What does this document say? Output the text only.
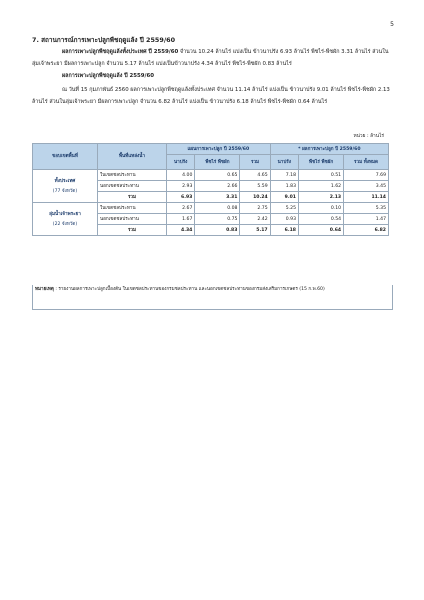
5
7. สถานการณ์การเพาะปลูกพืชฤดูแล้ง ปี 2559/60

ผลการเพาะปลูกพืชฤดูแล้งทั้งประเทศ ปี 2559/60 จำนวน 10.24 ล้านไร่ แบ่งเป็น ข้าวนาปรัง 6.93 ล้านไร่ พืชไร่-พืชผัก 3.31 ล้านไร่ ส่วนในลุ่มเจ้าพระยา มีผลการเพาะปลูก จำนวน 5.17 ล้านไร่ แบ่งเป็นข้าวนาปรัง 4.34 ล้านไร่ พืชไร่-พืชผัก 0.83 ล้านไร่

ผลการเพาะปลูกพืชฤดูแล้ง ปี 2559/60

ณ วันที่ 15 กุมภาพันธ์ 2560 ผลการเพาะปลูกพืชฤดูแล้งทั้งประเทศ จำนวน 11.14 ล้านไร่ แบ่งเป็น ข้าวนาปรัง 9.01 ล้านไร่ พืชไร่-พืชผัก 2.13 ล้านไร่ ส่วนในลุ่มเจ้าพระยา มีผลการเพาะปลูก จำนวน 6.82 ล้านไร่ แบ่งเป็น ข้าวนาปรัง 6.18 ล้านไร่ พืชไร่-พืชผัก 0.64 ล้านไร่

หน่วย : ล้านไร่
ขอบเขตพื้นที่	พื้นที่แหล่งน้ำ	แผนการเพาะปลูก ปี 2559/60			* ผลการเพาะปลูก ปี 2559/60		
		นาปรัง	พืชไร่ พืชผัก	รวม	นาปรัง	พืชไร่ พืชผัก	รวม ทั้งหมด
ทั้งประเทศ
(77 จังหวัด)	ในเขตชลประทาน	4.00	0.65	4.65	7.18	0.51	7.69
	นอกเขตชลประทาน	2.93	2.66	5.59	1.83	1.62	3.45
	รวม	6.93	3.31	10.24	9.01	2.13	11.14
ลุ่มน้ำเจ้าพระยา
(22 จังหวัด)	ในเขตชลประทาน	2.67	0.08	2.75	5.25	0.10	5.35
	นอกเขตชลประทาน	1.67	0.75	2.42	0.93	0.54	1.47
	รวม	4.34	0.83	5.17	6.18	0.64	6.82
หมายเหตุ : รายงานผลการเพาะปลูกเบื้องต้น ในเขตชลประทานของกรมชลประทาน และนอกเขตชลประทานของกรมส่งเสริมการเกษตร (15 ก.พ.60)
